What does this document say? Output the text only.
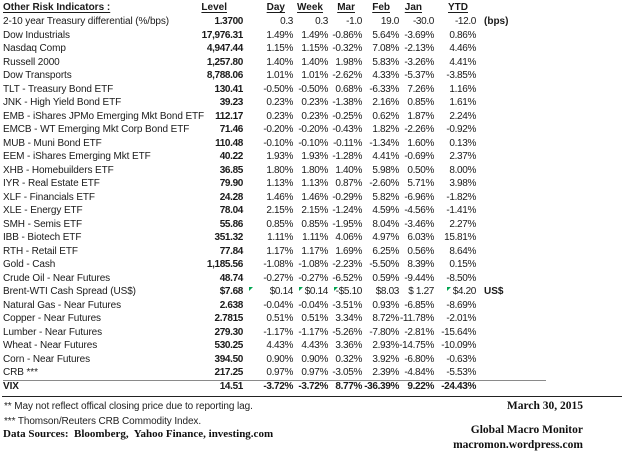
Other Risk Indicators :	Level	Day Week Mar Feb Jan	YTD
2-10 year Treasury differential (%/bps)	1.3700	0.3 0.3 -1.0 19.0 -30.0 -12.0 (bps)
Dow Industrials	17,976.31 1.49% 1.49% -0.86% 5.64% -3.69% 0.86%
Nasdaq Comp	4,947.44 1.15% 1.15% -0.32% 7.08% -2.13% 4.46%
Russell 2000	1,257.80 1.40% 1.40% 1.98% 5.83% -3.26% 4.41%
Dow Transports	8,788.06 1.01% 1.01% -2.62% 4.33% -5.37% -3.85%
TLT - Treasury Bond ETF	130.41 -0.50% -0.50% 0.68% -6.33% 7.26% 1.16%
JNK - High Yield Bond ETF	39.23 0.23% 0.23% -1.38% 2.16% 0.85% 1.61%
EMB - iShares JPMo Emerging Mkt Bond ETF 112.17 0.23% 0.23% -0.25% 0.62% 1.87% 2.24%
EMCB - WT Emerging Mkt Corp Bond ETF	71.46 -0.20% -0.20% -0.43% 1.82% -2.26% -0.92%
MUB - Muni Bond ETF	110.48 -0.10% -0.10% -0.11% -1.34% 1.60% 0.13%
EEM - iShares Emerging Mkt ETF	40.22 1.93% 1.93% -1.28% 4.41% -0.69% 2.37%
XHB - Homebuilders ETF	36.85 1.80% 1.80% 1.40% 5.98% 0.50% 8.00%
IYR - Real Estate ETF	79.90 1.13% 1.13% 0.87% -2.60% 5.71% 3.98%
XLF - Financials ETF	24.28 1.46% 1.46% -0.29% 5.82% -6.96% -1.82%
XLE - Energy ETF	78.04 2.15% 2.15% -1.24% 4.59% -4.56% -1.41%
SMH - Semis ETF	55.86 0.85% 0.85% -1.95% 8.04% -3.46% 2.27%
IBB - Biotech ETF	351.32 1.11% 1.11% 4.06% 4.97% 6.03% 15.81%
RTH - Retail ETF	77.84 1.17% 1.17% 1.69% 6.25% 0.56% 8.64%
Gold - Cash	1,185.56 -1.08% -1.08% -2.23% -5.50% 8.39% 0.15%
Crude Oil - Near Futures	48.74 -0.27% -0.27% -6.52% 0.59% -9.44% -8.50%
Brent-WTI Cash Spread (US$)	$7.68	$0.14 $0.14 -$5.10 $8.03 $ 1.27 $4.20 US$
Natural Gas - Near Futures	2.638 -0.04% -0.04% -3.51% 0.93% -6.85% -8.69%
Copper - Near Futures	2.7815 0.51% 0.51% 3.34% 8.72% -11.78% -2.01%
Lumber - Near Futures	279.30 -1.17% -1.17% -5.26% -7.80% -2.81% -15.64%
Wheat - Near Futures	530.25 4.43% 4.43% 3.36% 2.93% -14.75% -10.09%
Corn - Near Futures	394.50 0.90% 0.90% 0.32% 3.92% -6.80% -0.63%
CRB ***	217.25 0.97% 0.97% -3.05% 2.39% -4.84% -5.53%
VIX	14.51 -3.72% -3.72% 8.77% -36.39% 9.22% -24.43%
** May not reflect offical closing price due to reporting lag.
*** Thomson/Reuters CRB Commodity Index.
Data Sources:  Bloomberg,  Yahoo Finance, investing.com
March 30, 2015
Global Macro Monitor
macromon.wordpress.com
